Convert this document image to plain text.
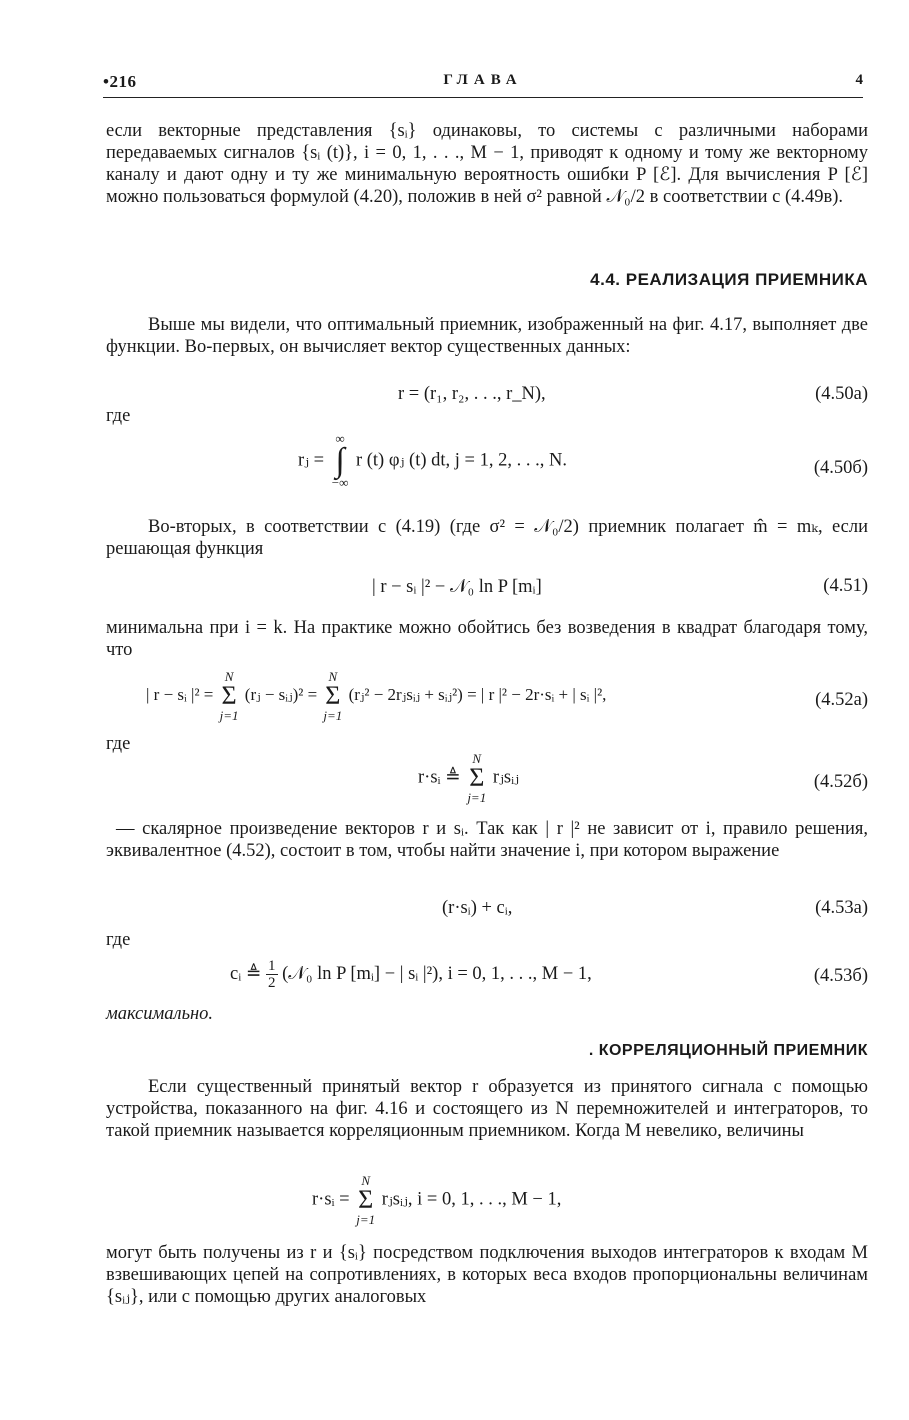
•216	ГЛАВА	4
если векторные представления {sᵢ} одинаковы, то системы с различными наборами передаваемых сигналов {sᵢ (t)}, i = 0, 1, . . ., M − 1, приводят к одному и тому же векторному каналу и дают одну и ту же минимальную вероятность ошибки P [ℰ]. Для вычисления P [ℰ] можно пользоваться формулой (4.20), положив в ней σ² равной 𝒩₀/2 в соответствии с (4.49в).
4.4. РЕАЛИЗАЦИЯ ПРИЕМНИКА
Выше мы видели, что оптимальный приемник, изображенный на фиг. 4.17, выполняет две функции. Во-первых, он вычисляет вектор существенных данных:
r = (r₁, r₂, . . ., r_N),	(4.50а)
где
rⱼ =
∞
∫
−∞
r (t) φⱼ (t) dt, j = 1, 2, . . ., N.	(4.50б)
Во-вторых, в соответствии с (4.19) (где σ² = 𝒩₀/2) приемник полагает m̂ = mₖ, если решающая функция
| r − sᵢ |² − 𝒩₀ ln P [mᵢ]	(4.51)
минимальна при i = k. На практике можно обойтись без возведения в квадрат благодаря тому, что
| r − sᵢ |² =
N
Σ
j=1
(rⱼ − sᵢⱼ)² =
N
Σ
j=1
(rⱼ² − 2rⱼsᵢⱼ + sᵢⱼ²) = | r |² − 2r·sᵢ + | sᵢ |²,	(4.52а)
где
r·sᵢ ≜
N
Σ
j=1
rⱼsᵢⱼ	(4.52б)
— скалярное произведение векторов r и sᵢ. Так как | r |² не зависит от i, правило решения, эквивалентное (4.52), состоит в том, чтобы найти значение i, при котором выражение
(r·sᵢ) + cᵢ,	(4.53а)
где
cᵢ ≜ $\frac{1}{2}$ (𝒩₀ ln P [mᵢ] − | sᵢ |²), i = 0, 1, . . ., M − 1,	(4.53б)
максимально.
. КОРРЕЛЯЦИОННЫЙ ПРИЕМНИК
Если существенный принятый вектор r образуется из принятого сигнала с помощью устройства, показанного на фиг. 4.16 и состоящего из N перемножителей и интеграторов, то такой приемник называется корреляционным приемником. Когда M невелико, величины
r·sᵢ =
N
Σ
j=1
rⱼsᵢⱼ, i = 0, 1, . . ., M − 1,
могут быть получены из r и {sᵢ} посредством подключения выходов интеграторов к входам M взвешивающих цепей на сопротивлениях, в которых веса входов пропорциональны величинам {sᵢⱼ}, или с помощью других аналоговых
